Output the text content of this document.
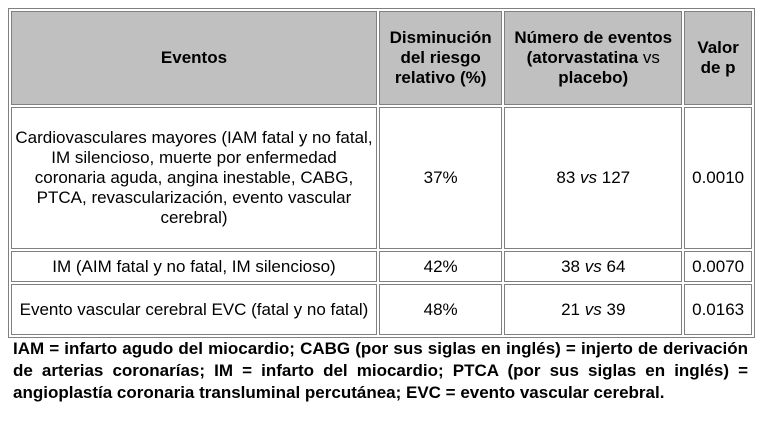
Eventos	Disminución del riesgo relativo (%)	Número de eventos (atorvastatina vs placebo)	Valor de p
Cardiovasculares mayores (IAM fatal y no fatal, IM silencioso, muerte por enfermedad coronaria aguda, angina inestable, CABG, PTCA, revascularización, evento vascular cerebral)	37%	83 vs 127	0.0010
IM (AIM fatal y no fatal, IM silencioso)	42%	38 vs 64	0.0070
Evento vascular cerebral EVC (fatal y no fatal)	48%	21 vs 39	0.0163

IAM = infarto agudo del miocardio; CABG (por sus siglas en inglés) = injerto de derivación de arterias coronarías; IM = infarto del miocardio; PTCA (por sus siglas en inglés) = angioplastía coronaria transluminal percutánea; EVC = evento vascular cerebral.
